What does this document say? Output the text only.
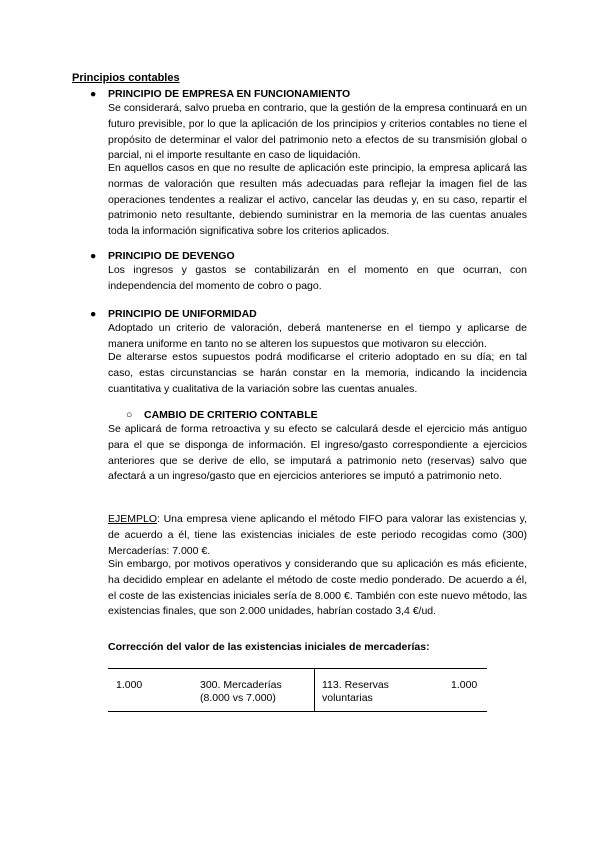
Principios contables
● PRINCIPIO DE EMPRESA EN FUNCIONAMIENTO
Se considerará, salvo prueba en contrario, que la gestión de la empresa continuará en un futuro previsible, por lo que la aplicación de los principios y criterios contables no tiene el propósito de determinar el valor del patrimonio neto a efectos de su transmisión global o parcial, ni el importe resultante en caso de liquidación.
En aquellos casos en que no resulte de aplicación este principio, la empresa aplicará las normas de valoración que resulten más adecuadas para reflejar la imagen fiel de las operaciones tendentes a realizar el activo, cancelar las deudas y, en su caso, repartir el patrimonio neto resultante, debiendo suministrar en la memoria de las cuentas anuales toda la información significativa sobre los criterios aplicados.
● PRINCIPIO DE DEVENGO
Los ingresos y gastos se contabilizarán en el momento en que ocurran, con independencia del momento de cobro o pago.
● PRINCIPIO DE UNIFORMIDAD
Adoptado un criterio de valoración, deberá mantenerse en el tiempo y aplicarse de manera uniforme en tanto no se alteren los supuestos que motivaron su elección.
De alterarse estos supuestos podrá modificarse el criterio adoptado en su día; en tal caso, estas circunstancias se harán constar en la memoria, indicando la incidencia cuantitativa y cualitativa de la variación sobre las cuentas anuales.
○ CAMBIO DE CRITERIO CONTABLE
Se aplicará de forma retroactiva y su efecto se calculará desde el ejercicio más antiguo para el que se disponga de información. El ingreso/gasto correspondiente a ejercicios anteriores que se derive de ello, se imputará a patrimonio neto (reservas) salvo que afectará a un ingreso/gasto que en ejercicios anteriores se imputó a patrimonio neto.
EJEMPLO: Una empresa viene aplicando el método FIFO para valorar las existencias y, de acuerdo a él, tiene las existencias iniciales de este periodo recogidas como (300) Mercaderías: 7.000 €.
Sin embargo, por motivos operativos y considerando que su aplicación es más eficiente, ha decidido emplear en adelante el método de coste medio ponderado. De acuerdo a él, el coste de las existencias iniciales sería de 8.000 €. También con este nuevo método, las existencias finales, que son 2.000 unidades, habrían costado 3,4 €/ud.
Corrección del valor de las existencias iniciales de mercaderías:
1.000	300. Mercaderías
(8.000 vs 7.000)
113. Reservas
voluntarias
1.000
